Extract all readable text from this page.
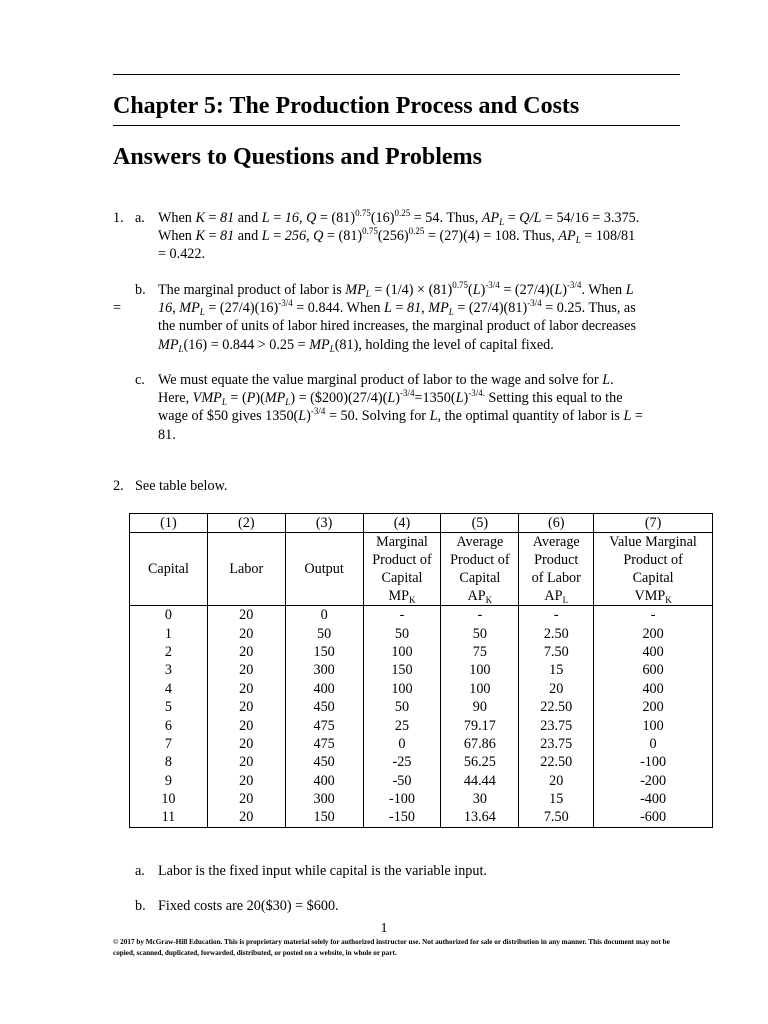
Chapter 5: The Production Process and Costs
Answers to Questions and Problems
1. a. When K = 81 and L = 16, $Q = (81)^{0.75}(16)^{0.25} = 54$. Thus, $AP_L = Q/L = 54/16 = 3.375$.
When K = 81 and L = 256, $Q = (81)^{0.75}(256)^{0.25} = (27)(4) = 108$. Thus, $AP_L = 108/81$
= 0.422.
b.
=
The marginal product of labor is $MP_L = (1/4) \times (81)^{0.75}(L)^{-3/4} = (27/4)(L)^{-3/4}$. When L
16, $MP_L = (27/4)(16)^{-3/4} = 0.844$. When L = 81, $MP_L = (27/4)(81)^{-3/4} = 0.25$. Thus, as
the number of units of labor hired increases, the marginal product of labor decreases
$MP_L(16) = 0.844 > 0.25 = MP_L(81)$, holding the level of capital fixed.
c. We must equate the value marginal product of labor to the wage and solve for L.
Here, $VMP_L = (P)(MP_L)$ = $(\$200)(27/4)(L)^{-3/4}=1350(L)^{-3/4.}$ Setting this equal to the
wage of $50 gives $1350(L)^{-3/4} = 50$. Solving for L, the optimal quantity of labor is L =
81.
2. See table below.
(1)	(2)	(3)	(4)	(5)	(6)	(7)
Capital	Labor	Output	Marginal
Product of
Capital
$MP_K$	Average
Product of
Capital
$AP_K$	Average
Product
of Labor
$AP_L$	Value Marginal
Product of
Capital
$VMP_K$
0	20	0	-	-	-	-
1	20	50	50	50	2.50	200
2	20	150	100	75	7.50	400
3	20	300	150	100	15	600
4	20	400	100	100	20	400
5	20	450	50	90	22.50	200
6	20	475	25	79.17	23.75	100
7	20	475	0	67.86	23.75	0
8	20	450	-25	56.25	22.50	-100
9	20	400	-50	44.44	20	-200
10	20	300	-100	30	15	-400
11	20	150	-150	13.64	7.50	-600
a. Labor is the fixed input while capital is the variable input.
b. Fixed costs are 20($30) = $600.
1
© 2017 by McGraw-Hill Education. This is proprietary material solely for authorized instructor use. Not authorized for sale or distribution in any manner. This document may not be copied, scanned, duplicated, forwarded, distributed, or posted on a website, in whole or part.
